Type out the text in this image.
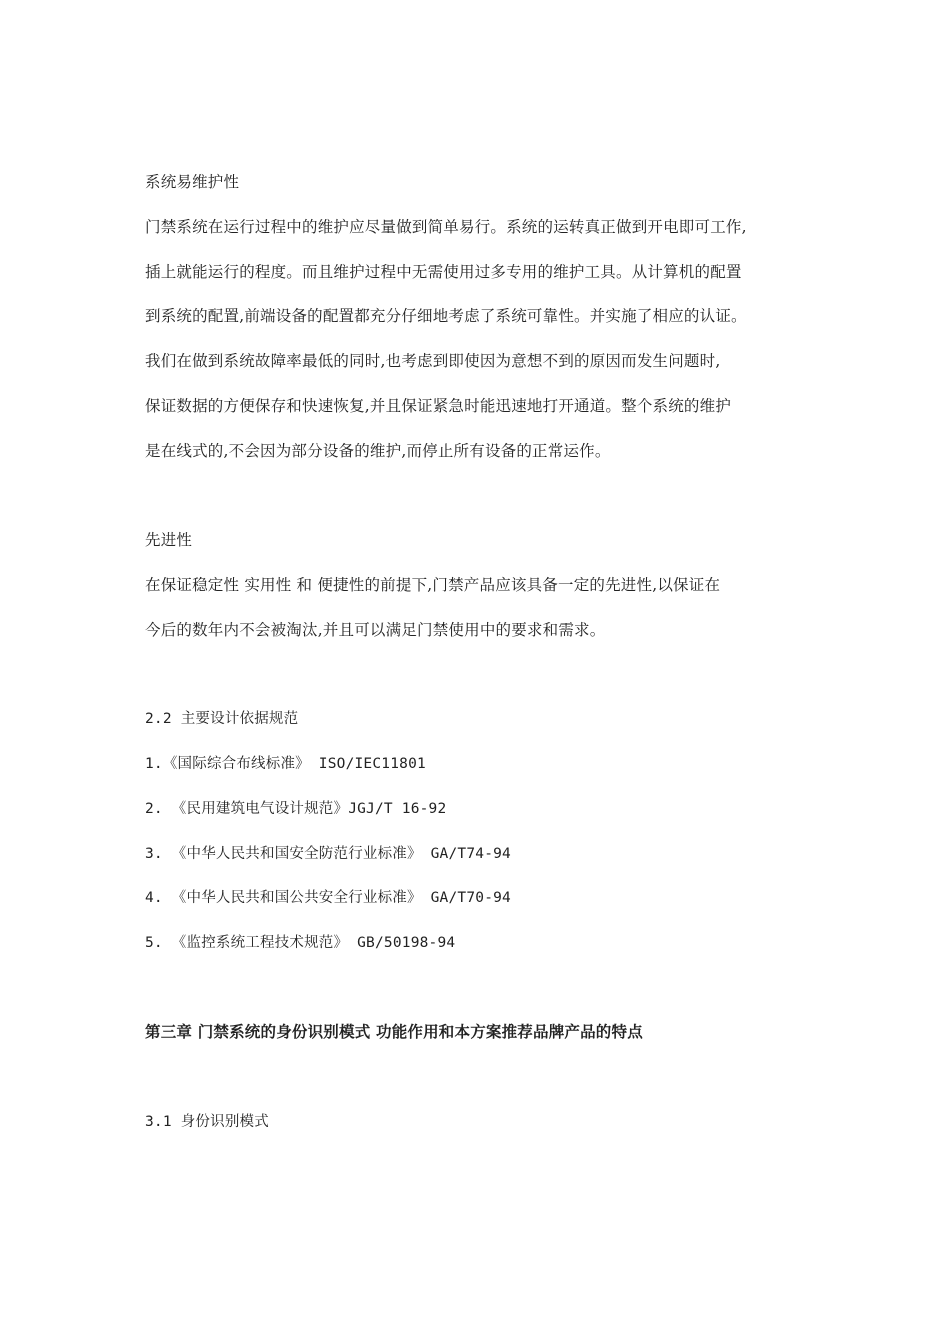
系统易维护性
门禁系统在运行过程中的维护应尽量做到简单易行。系统的运转真正做到开电即可工作,
插上就能运行的程度。而且维护过程中无需使用过多专用的维护工具。从计算机的配置
到系统的配置,前端设备的配置都充分仔细地考虑了系统可靠性。并实施了相应的认证。
我们在做到系统故障率最低的同时,也考虑到即使因为意想不到的原因而发生问题时,
保证数据的方便保存和快速恢复,并且保证紧急时能迅速地打开通道。整个系统的维护
是在线式的,不会因为部分设备的维护,而停止所有设备的正常运作。
先进性
在保证稳定性 实用性 和 便捷性的前提下,门禁产品应该具备一定的先进性,以保证在
今后的数年内不会被淘汰,并且可以满足门禁使用中的要求和需求。
2.2 主要设计依据规范
1.《国际综合布线标准》 ISO/IEC11801
2. 《民用建筑电气设计规范》JGJ/T 16-92
3. 《中华人民共和国安全防范行业标准》 GA/T74-94
4. 《中华人民共和国公共安全行业标准》 GA/T70-94
5. 《监控系统工程技术规范》 GB/50198-94
第三章 门禁系统的身份识别模式 功能作用和本方案推荐品牌产品的特点
3.1 身份识别模式
